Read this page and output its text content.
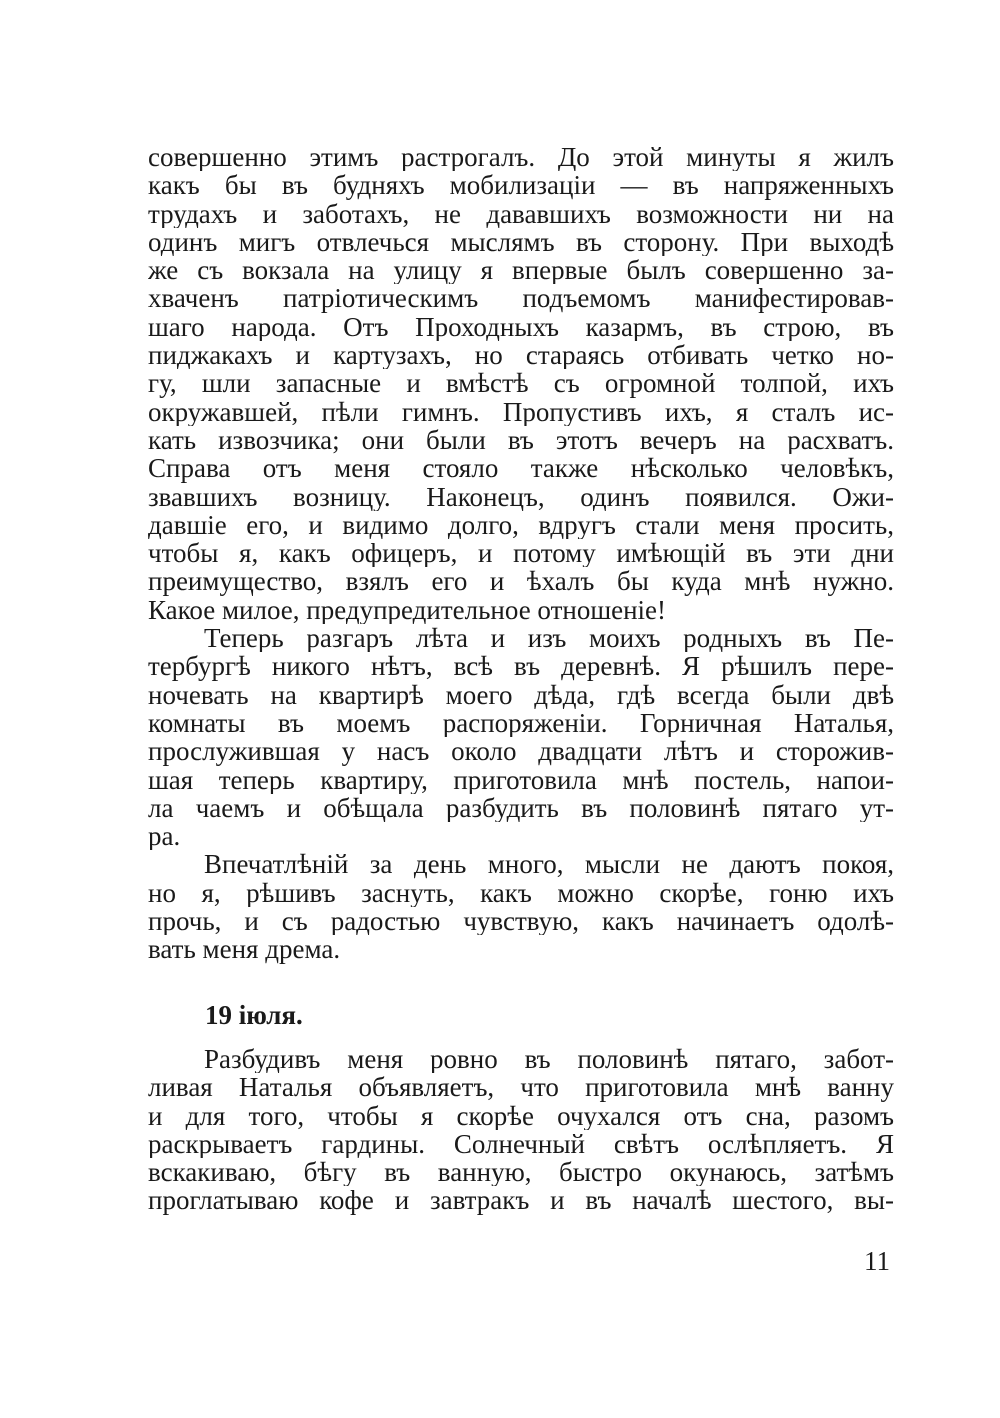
совершенно этимъ растрогалъ. До этой минуты я жилъ
какъ бы въ будняхъ мобилизаціи — въ напряженныхъ
трудахъ и заботахъ, не дававшихъ возможности ни на
одинъ мигъ отвлечься мыслямъ въ сторону. При выходѣ
же съ вокзала на улицу я впервые былъ совершенно за-
хваченъ патріотическимъ подъемомъ манифестировав-
шаго народа. Отъ Проходныхъ казармъ, въ строю, въ
пиджакахъ и картузахъ, но стараясь отбивать четко но-
гу, шли запасные и вмѣстѣ съ огромной толпой, ихъ
окружавшей, пѣли гимнъ. Пропустивъ ихъ, я сталъ ис-
кать извозчика; они были въ этотъ вечеръ на расхватъ.
Справа отъ меня стояло также нѣсколько человѣкъ,
звавшихъ возницу. Наконецъ, одинъ появился. Ожи-
давшіе его, и видимо долго, вдругъ стали меня просить,
чтобы я, какъ офицеръ, и потому имѣющій въ эти дни
преимущество, взялъ его и ѣхалъ бы куда мнѣ нужно.
Какое милое, предупредительное отношеніе!
Теперь разгаръ лѣта и изъ моихъ родныхъ въ Пе-
тербургѣ никого нѣтъ, всѣ въ деревнѣ. Я рѣшилъ пере-
ночевать на квартирѣ моего дѣда, гдѣ всегда были двѣ
комнаты въ моемъ распоряженіи. Горничная Наталья,
прослужившая у насъ около двадцати лѣтъ и сторожив-
шая теперь квартиру, приготовила мнѣ постель, напои-
ла чаемъ и обѣщала разбудить въ половинѣ пятаго ут-
ра.
Впечатлѣній за день много, мысли не даютъ покоя,
но я, рѣшивъ заснуть, какъ можно скорѣе, гоню ихъ
прочь, и съ радостью чувствую, какъ начинаетъ одолѣ-
вать меня дрема.
19 іюля.
Разбудивъ меня ровно въ половинѣ пятаго, забот-
ливая Наталья объявляетъ, что приготовила мнѣ ванну
и для того, чтобы я скорѣе очухался отъ сна, разомъ
раскрываетъ гардины. Солнечный свѣтъ ослѣпляетъ. Я
вскакиваю, бѣгу въ ванную, быстро окунаюсь, затѣмъ
проглатываю кофе и завтракъ и въ началѣ шестого, вы-
11
